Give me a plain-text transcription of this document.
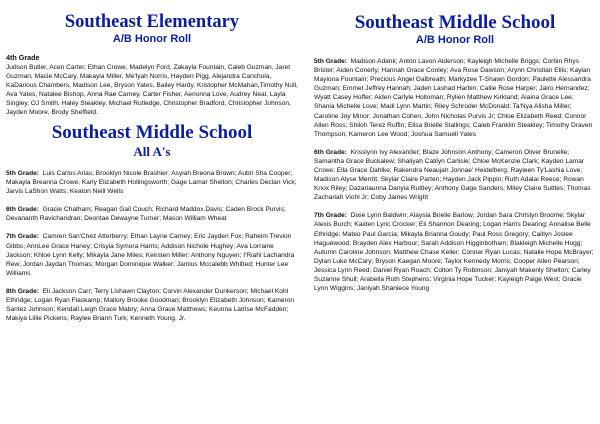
Southeast Elementary
A/B Honor Roll

4th Grade

Judson Butler, Acen Carter, Ethan Crowe, Madelyn Ford, Zakayla Fountain, Caleb Guzman, Jaret Guzman, Macie McCary, Makayla Miller, Me'lyah Norris, Hayden Pigg, Alejandra Canchola, KaDarious Chambers, Madison Lee, Bryson Yates, Bailey Hardy, Kristopher McMahan,Timothy Null, Ava Yates, Natalee Bishop, Anna Rae Carney, Carter Fisher, Aerionna Love, Audrey Neal, Layla Singley, OJ Smith, Haley Steakley, Michael Rutledge, Christopher Bradford, Christopher Johnson, Jayden Moore, Brody Sheffield.

Southeast Middle School
All A's

5th Grade: Luis Carlos Arias; Brooklyn Nicole Brashier; Asyiah Breona Brown; Aubri Sha Cooper; Makayla Breanna Crowe; Karly Elizabeth Hollingsworth; Gage Lamar Shelton; Charles Declan Vick; Jarvis LaShon Watts; Keaton Neill Wells

6th Grade: Gracie Chatham; Reagan Gail Couch; Richard Maddox Davis; Caden Brock Purvis; Devananth Ravichandran; Deontae Dewayne Turner; Mason William Wheat

7th Grade: Camren San'Chez Atterberry; Ethan Layne Carney; Eric Jayden Fox; Raheim Trevion Gibbs; AnnLee Grace Haney; Crisyia Symora Harris; Addison Nichole Hughey; Ava Lorraine Jackson; Khloe Lynn Kelly; Mikayla Jane Miles; Keirsten Miller; Anthony Nguyen; I'Riahi Lachandra Rew; Jordan Jaydan Thomas; Morgan Dominique Walker; Jamius Mccalebb Whitted; Hunter Lee Williams

8th Grade: Eli Jackson Carr; Terry Lishawn Clayton; Corvin Alexander Dunkerson; Michael Kohl Ethridge; Logan Ryan Flaskamp; Mallory Brooke Goodman; Brooklyn Elizabeth Johnson; Kameron Santez Johnson; Kendall Leigh Grace Mabry; Anna Grace Matthews; Keunna Latrise McFadden; Makiya Lillie Pickens; Raylee Briann Turk; Kenneth Young, Jr.

Southeast Middle School
A/B Honor Roll

5th Grade: Madison Adank; Anton Lavon Alderson; Kayleigh Michelle Briggs; Corbin Rhys Brister; Aiden Conerly; Hannah Grace Cooley; Ava Rose Dawson; Arynn Christian Ellis; Kaylan Mayiona Fountain; Precious Angel Galbreath; Markyzee T-Shawn Gordon; Paulette Alessandra Guzman; Emmet Jeffrey Hannah; Jaden Lashad Harbin; Callie Rose Harper; Jairo Hernandez; Wyatt Casey Hoffer; Aiden Carlyle Holloman; Rylien Matthew Kirkland; Alaina Grace Lee; Shania Michelle Love; Madi Lynn Martin; Riley Schroder McDonald; Ta'Nya Alisha Miller; Caroline Joy Minor; Jonathan Cohen; John Nicholas Purvis Jr; Chloe Elizabeth Reed; Connor Allen Ross; Shiloh Terez Ruffin; Elisa Brielle Stallings; Caleb Franklin Steakley; Timothy Draven Thompson; Kameron Lee Wood; Joshua Samuell Yates

6th Grade: Krisslynn Ivy Alexander; Blaze Johnson Anthony; Cameron Oliver Brunelle; Samantha Grace Buckalew; Shaliyah Catilyn Carlisle; Chloe McKenzie Clark; Kayden Lamar Crowe; Ella Grace Dahlke; Rakendra Neaujah Jonnae' Heidelberg; Rayleen Ty'Lashia Love; Madison Alyse Merritt; Skylar Claire Parten; Hayden Jack Pippin; Ruth Adalai Reece; Rowan Knox Riley; Dazariaunna Danyia Ruttley; Anthony Gage Sanders; Miley Claire Suttles; Thomas Zachariah Viohl Jr; Coby James Wright

7th Grade: Dixie Lynn Baldwin; Alaysia Brielle Barlow; Jordan Sara Chrislyn Broome; Skylar Alexis Burch; Kaiden Lyric Crocker; Eli Shannon Dearing; Logan Harris Dearing; Annalise Belle Ethridge; Mateo Paul Garcia; Mikayla Brianna Goudy; Paul Ross Gregory; Caitlyn Joslee Haguewood; Brayden Alex Harbour; Sarah Addison Higginbotham; Blakleigh Michelle Hogg; Autumn Caroline Johnson; Matthew Chase Keller; Conner Ryan Lucas; Natalie Hope McBrayer; Dylan Luke McCary; Bryson Kaegan Moore; Taylor Kennedy Morris; Cooper Allen Pearson; Jessica Lynn Reed; Daniel Ryan Roach; Colton Ty Robinson; Janiyah Makenly Shelton; Carley Suzanne Shull; Arabella Ruth Stephens; Virginia Hope Tucker; Kayleigh Paige West; Gracie Lynn Wiggins; Janiyah Shaniece Young
